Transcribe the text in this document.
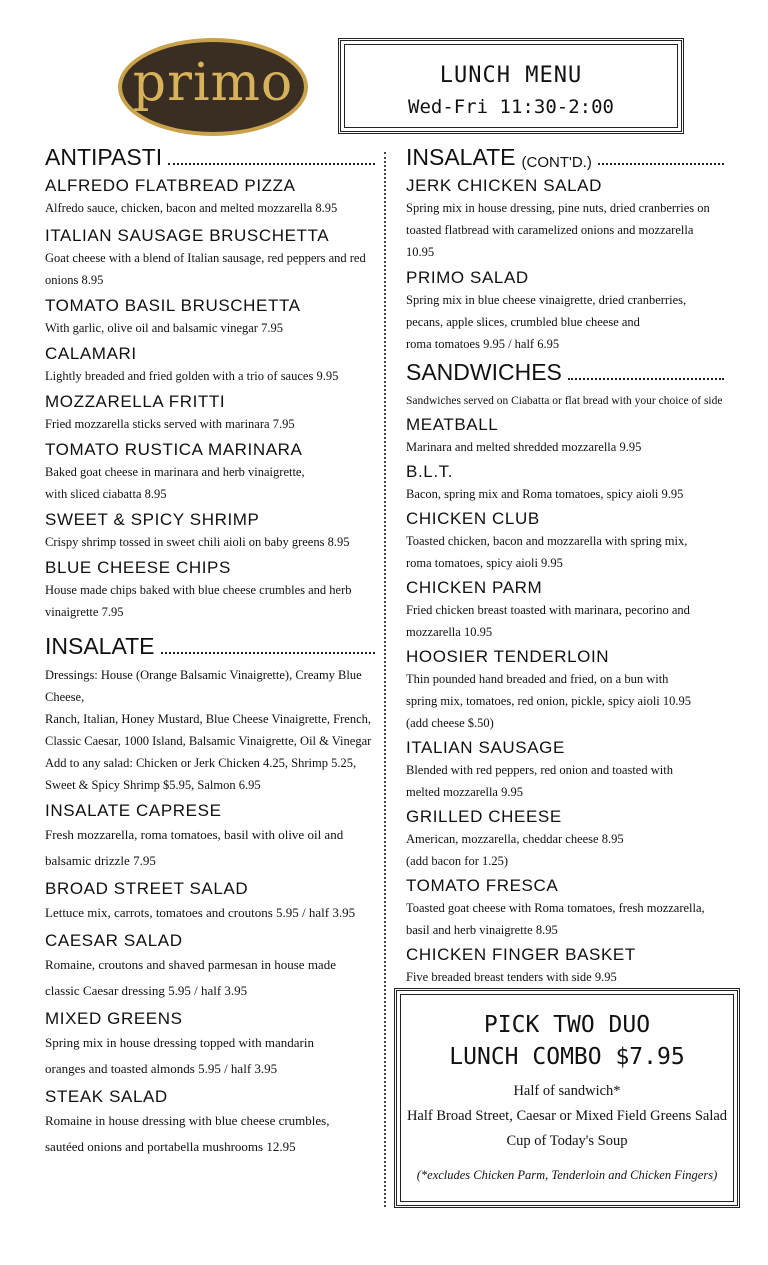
primo	LUNCH MENU
Wed-Fri 11:30-2:00
ANTIPASTI
ALFREDO FLATBREAD PIZZA
Alfredo sauce, chicken, bacon and melted mozzarella 8.95
ITALIAN SAUSAGE BRUSCHETTA
Goat cheese with a blend of Italian sausage, red peppers and red
onions 8.95
TOMATO BASIL BRUSCHETTA
With garlic, olive oil and balsamic vinegar 7.95
CALAMARI
Lightly breaded and fried golden with a trio of sauces 9.95
MOZZARELLA FRITTI
Fried mozzarella sticks served with marinara 7.95
TOMATO RUSTICA MARINARA
Baked goat cheese in marinara and herb vinaigrette,
with sliced ciabatta 8.95
SWEET & SPICY SHRIMP
Crispy shrimp tossed in sweet chili aioli on baby greens 8.95
BLUE CHEESE CHIPS
House made chips baked with blue cheese crumbles and herb
vinaigrette 7.95
INSALATE
Dressings: House (Orange Balsamic Vinaigrette), Creamy Blue Cheese,
Ranch, Italian, Honey Mustard, Blue Cheese Vinaigrette, French,
Classic Caesar, 1000 Island, Balsamic Vinaigrette, Oil & Vinegar
Add to any salad: Chicken or Jerk Chicken 4.25, Shrimp 5.25,
Sweet & Spicy Shrimp $5.95, Salmon 6.95
INSALATE CAPRESE
Fresh mozzarella, roma tomatoes, basil with olive oil and
balsamic drizzle 7.95
BROAD STREET SALAD
Lettuce mix, carrots, tomatoes and croutons 5.95 / half 3.95
CAESAR SALAD
Romaine, croutons and shaved parmesan in house made
classic Caesar dressing 5.95 / half 3.95
MIXED GREENS
Spring mix in house dressing topped with mandarin
oranges and toasted almonds 5.95 / half 3.95
STEAK SALAD
Romaine in house dressing with blue cheese crumbles,
sautéed onions and portabella mushrooms 12.95
INSALATE (CONT'D.)
JERK CHICKEN SALAD
Spring mix in house dressing, pine nuts, dried cranberries on
toasted flatbread with caramelized onions and mozzarella 10.95
PRIMO SALAD
Spring mix in blue cheese vinaigrette, dried cranberries,
pecans, apple slices, crumbled blue cheese and
roma tomatoes 9.95 / half 6.95
SANDWICHES
Sandwiches served on Ciabatta or flat bread with your choice of side
MEATBALL
Marinara and melted shredded mozzarella 9.95
B.L.T.
Bacon, spring mix and Roma tomatoes, spicy aioli 9.95
CHICKEN CLUB
Toasted chicken, bacon and mozzarella with spring mix,
roma tomatoes, spicy aioli 9.95
CHICKEN PARM
Fried chicken breast toasted with marinara, pecorino and
mozzarella 10.95
HOOSIER TENDERLOIN
Thin pounded hand breaded and fried, on a bun with
spring mix, tomatoes, red onion, pickle, spicy aioli 10.95
(add cheese $.50)
ITALIAN SAUSAGE
Blended with red peppers, red onion and toasted with
melted mozzarella 9.95
GRILLED CHEESE
American, mozzarella, cheddar cheese 8.95
(add bacon for 1.25)
TOMATO FRESCA
Toasted goat cheese with Roma tomatoes, fresh mozzarella,
basil and herb vinaigrette 8.95
CHICKEN FINGER BASKET
Five breaded breast tenders with side 9.95
PICK TWO DUO
LUNCH COMBO $7.95
Half of sandwich*
Half Broad Street, Caesar or Mixed Field Greens Salad
Cup of Today's Soup
(*excludes Chicken Parm, Tenderloin and Chicken Fingers)
